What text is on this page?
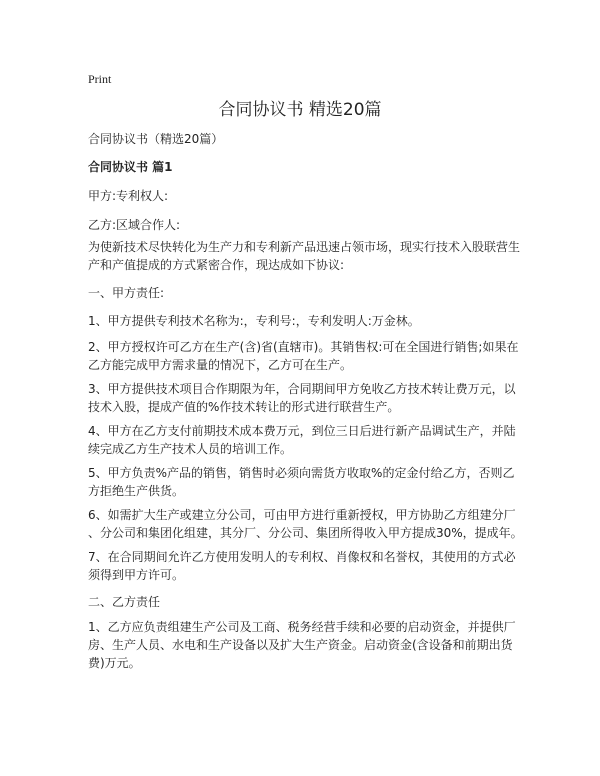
Print
合同协议书 精选20篇
合同协议书（精选20篇）
合同协议书 篇1
甲方:专利权人:
乙方:区域合作人:
为使新技术尽快转化为生产力和专利新产品迅速占领市场，现实行技术入股联营生
产和产值提成的方式紧密合作，现达成如下协议:
一、甲方责任:
1、甲方提供专利技术名称为:，专利号:，专利发明人:万金林。
2、甲方授权许可乙方在生产(含)省(直辖市)。其销售权:可在全国进行销售;如果在
乙方能完成甲方需求量的情况下，乙方可在生产。
3、甲方提供技术项目合作期限为年，合同期间甲方免收乙方技术转让费万元，以
技术入股，提成产值的%作技术转让的形式进行联营生产。
4、甲方在乙方支付前期技术成本费万元，到位三日后进行新产品调试生产，并陆
续完成乙方生产技术人员的培训工作。
5、甲方负责%产品的销售，销售时必须向需货方收取%的定金付给乙方，否则乙
方拒绝生产供货。
6、如需扩大生产或建立分公司，可由甲方进行重新授权，甲方协助乙方组建分厂
、分公司和集团化组建，其分厂、分公司、集团所得收入甲方提成30%，提成年。
7、在合同期间允许乙方使用发明人的专利权、肖像权和名誉权，其使用的方式必
须得到甲方许可。
二、乙方责任
1、乙方应负责组建生产公司及工商、税务经营手续和必要的启动资金，并提供厂
房、生产人员、水电和生产设备以及扩大生产资金。启动资金(含设备和前期出货
费)万元。
